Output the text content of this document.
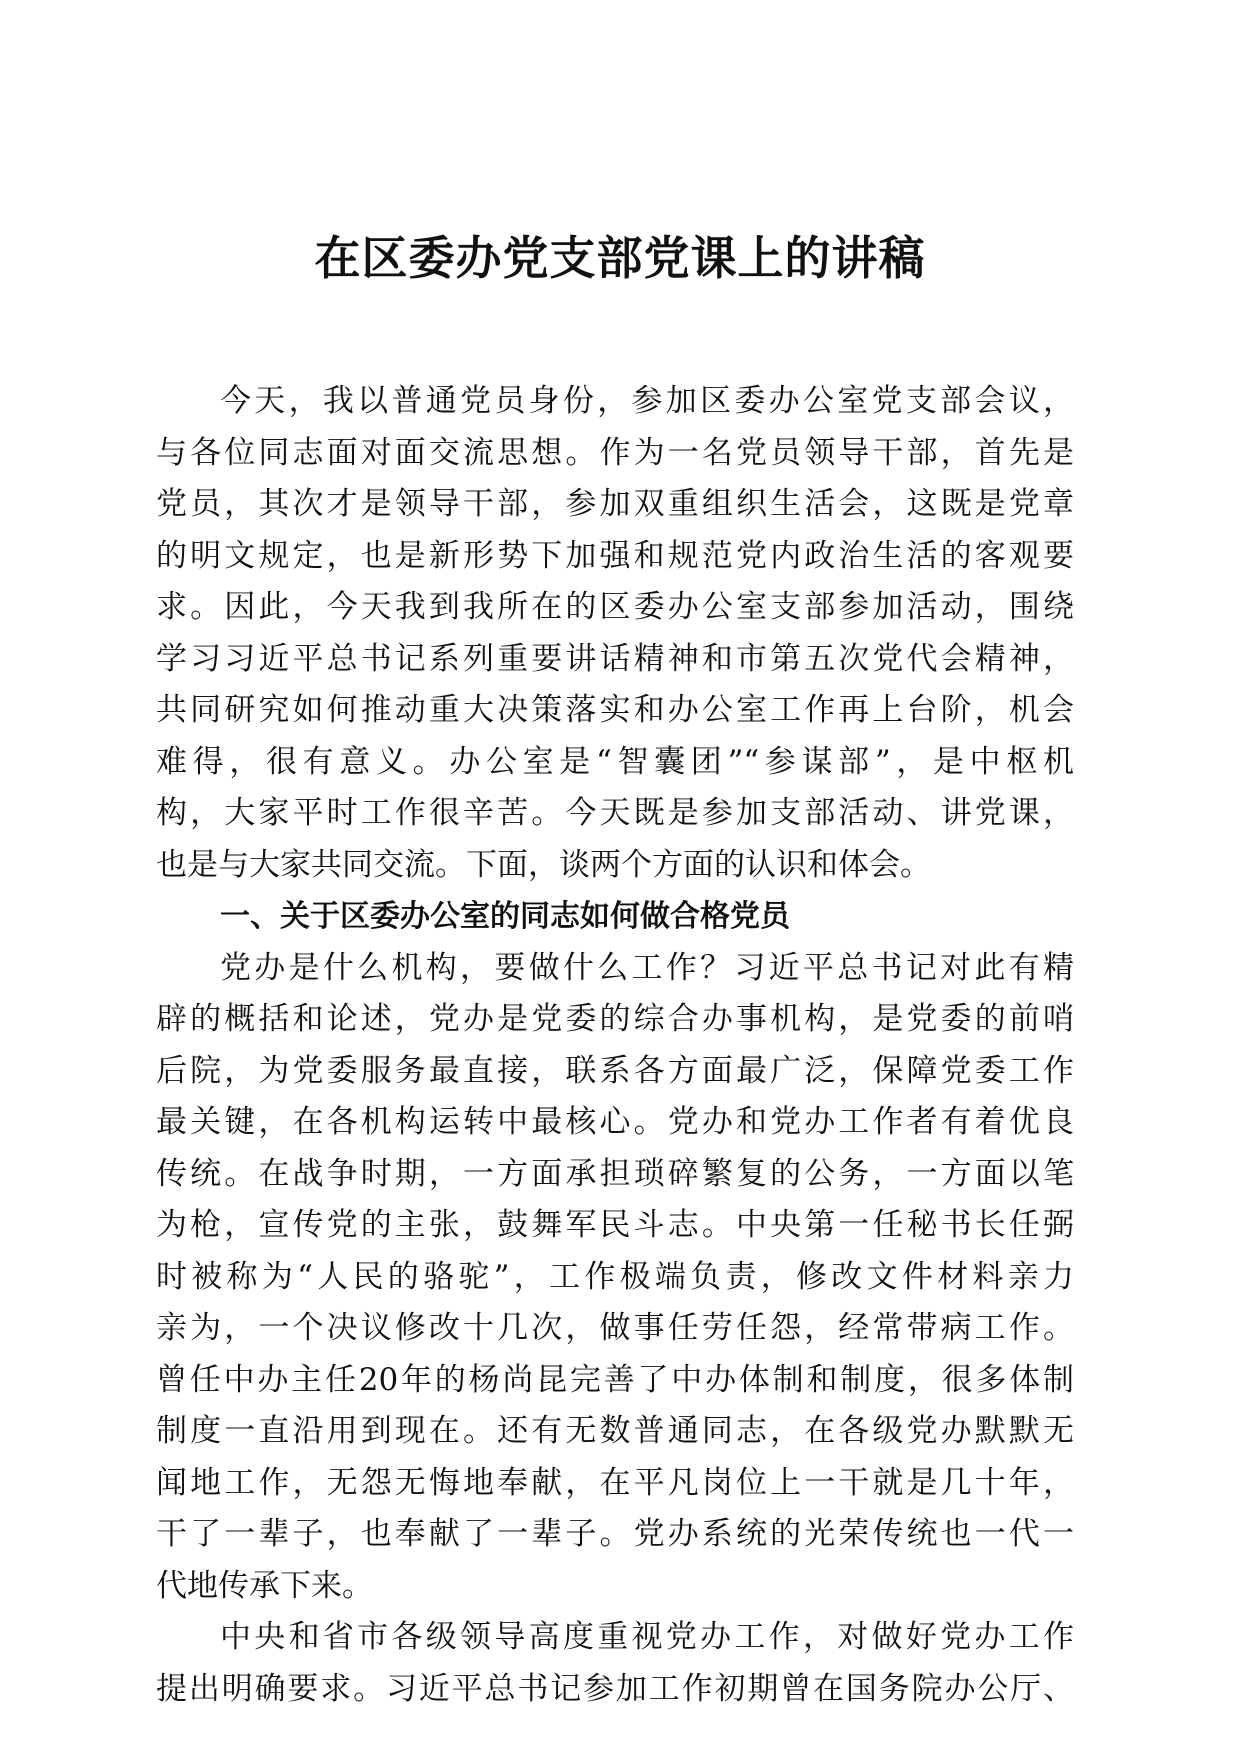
在区委办党支部党课上的讲稿
今天，我以普通党员身份，参加区委办公室党支部会议，
与各位同志面对面交流思想。作为一名党员领导干部，首先是
党员，其次才是领导干部，参加双重组织生活会，这既是党章
的明文规定，也是新形势下加强和规范党内政治生活的客观要
求。因此，今天我到我所在的区委办公室支部参加活动，围绕
学习习近平总书记系列重要讲话精神和市第五次党代会精神，
共同研究如何推动重大决策落实和办公室工作再上台阶，机会
难得，很有意义。办公室是“智囊团”“参谋部”，是中枢机
构，大家平时工作很辛苦。今天既是参加支部活动、讲党课，
也是与大家共同交流。下面，谈两个方面的认识和体会。
一、关于区委办公室的同志如何做合格党员
党办是什么机构，要做什么工作？习近平总书记对此有精
辟的概括和论述，党办是党委的综合办事机构，是党委的前哨
后院，为党委服务最直接，联系各方面最广泛，保障党委工作
最关键，在各机构运转中最核心。党办和党办工作者有着优良
传统。在战争时期，一方面承担琐碎繁复的公务，一方面以笔
为枪，宣传党的主张，鼓舞军民斗志。中央第一任秘书长任弼
时被称为“人民的骆驼”，工作极端负责，修改文件材料亲力
亲为，一个决议修改十几次，做事任劳任怨，经常带病工作。
曾任中办主任20年的杨尚昆完善了中办体制和制度，很多体制
制度一直沿用到现在。还有无数普通同志，在各级党办默默无
闻地工作，无怨无悔地奉献，在平凡岗位上一干就是几十年，
干了一辈子，也奉献了一辈子。党办系统的光荣传统也一代一
代地传承下来。
中央和省市各级领导高度重视党办工作，对做好党办工作
提出明确要求。习近平总书记参加工作初期曾在国务院办公厅、
